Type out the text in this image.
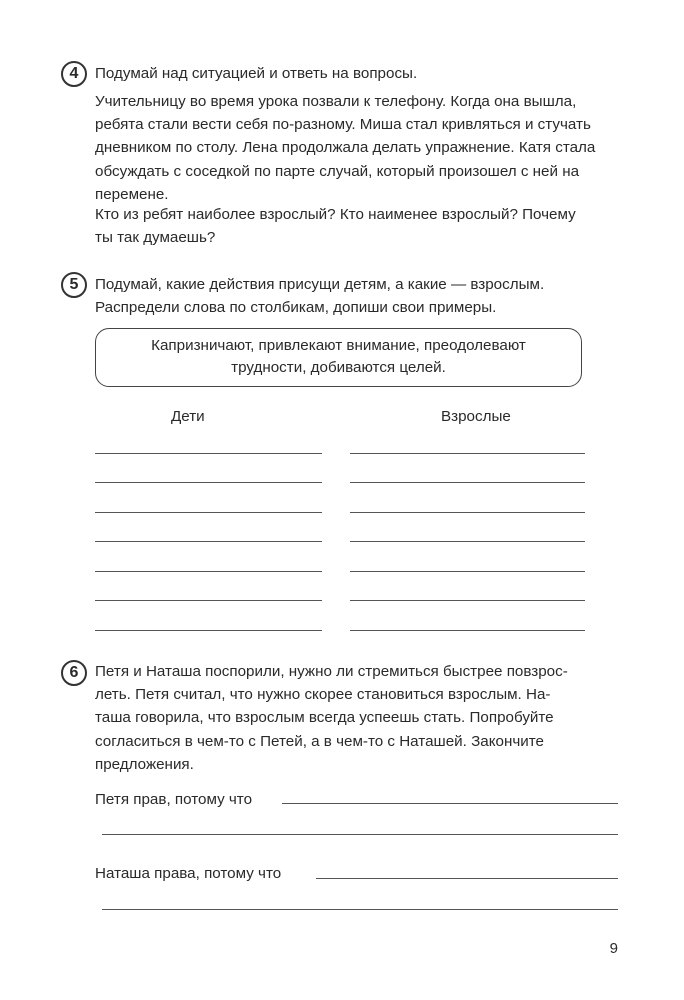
4 Подумай над ситуацией и ответь на вопросы.
Учительницу во время урока позвали к телефону. Когда она вышла,
ребята стали вести себя по-разному. Миша стал кривляться и стучать
дневником по столу. Лена продолжала делать упражнение. Катя стала
обсуждать с соседкой по парте случай, который произошел с ней на
перемене.
Кто из ребят наиболее взрослый? Кто наименее взрослый? Почему
ты так думаешь?
5 Подумай, какие действия присущи детям, а какие — взрослым.
Распредели слова по столбикам, допиши свои примеры.
Капризничают, привлекают внимание, преодолевают
трудности, добиваются целей.
Дети	Взрослые
6 Петя и Наташа поспорили, нужно ли стремиться быстрее повзрос-
леть. Петя считал, что нужно скорее становиться взрослым. На-
таша говорила, что взрослым всегда успеешь стать. Попробуйте
согласиться в чем-то с Петей, а в чем-то с Наташей. Закончите
предложения.
Петя прав, потому что
Наташа права, потому что
9
